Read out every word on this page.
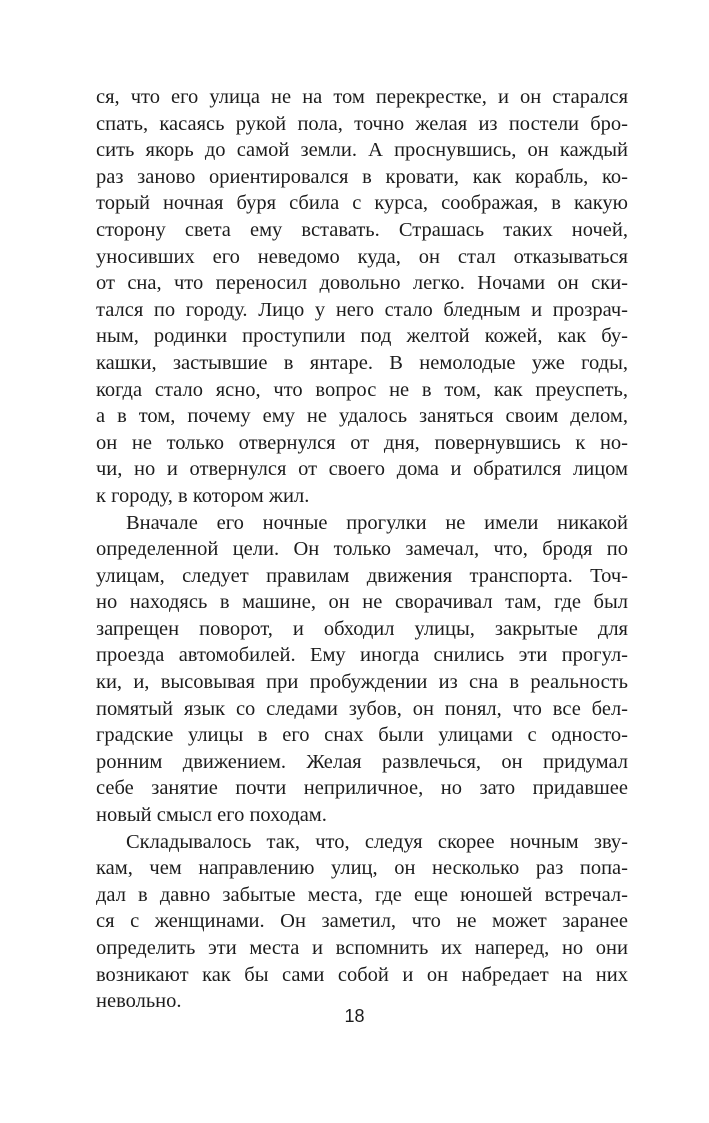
ся, что его улица не на том перекрестке, и он старался
спать, касаясь рукой пола, точно желая из постели бро-
сить якорь до самой земли. А проснувшись, он каждый
раз заново ориентировался в кровати, как корабль, ко-
торый ночная буря сбила с курса, соображая, в какую
сторону света ему вставать. Страшась таких ночей,
уносивших его неведомо куда, он стал отказываться
от сна, что переносил довольно легко. Ночами он ски-
тался по городу. Лицо у него стало бледным и прозрач-
ным, родинки проступили под желтой кожей, как бу-
кашки, застывшие в янтаре. В немолодые уже годы,
когда стало ясно, что вопрос не в том, как преуспеть,
а в том, почему ему не удалось заняться своим делом,
он не только отвернулся от дня, повернувшись к но-
чи, но и отвернулся от своего дома и обратился лицом
к городу, в котором жил.
Вначале его ночные прогулки не имели никакой
определенной цели. Он только замечал, что, бродя по
улицам, следует правилам движения транспорта. Точ-
но находясь в машине, он не сворачивал там, где был
запрещен поворот, и обходил улицы, закрытые для
проезда автомобилей. Ему иногда снились эти прогул-
ки, и, высовывая при пробуждении из сна в реальность
помятый язык со следами зубов, он понял, что все бел-
градские улицы в его снах были улицами с односто-
ронним движением. Желая развлечься, он придумал
себе занятие почти неприличное, но зато придавшее
новый смысл его походам.
Складывалось так, что, следуя скорее ночным зву-
кам, чем направлению улиц, он несколько раз попа-
дал в давно забытые места, где еще юношей встречал-
ся с женщинами. Он заметил, что не может заранее
определить эти места и вспомнить их наперед, но они
возникают как бы сами собой и он набредает на них
невольно.
18
